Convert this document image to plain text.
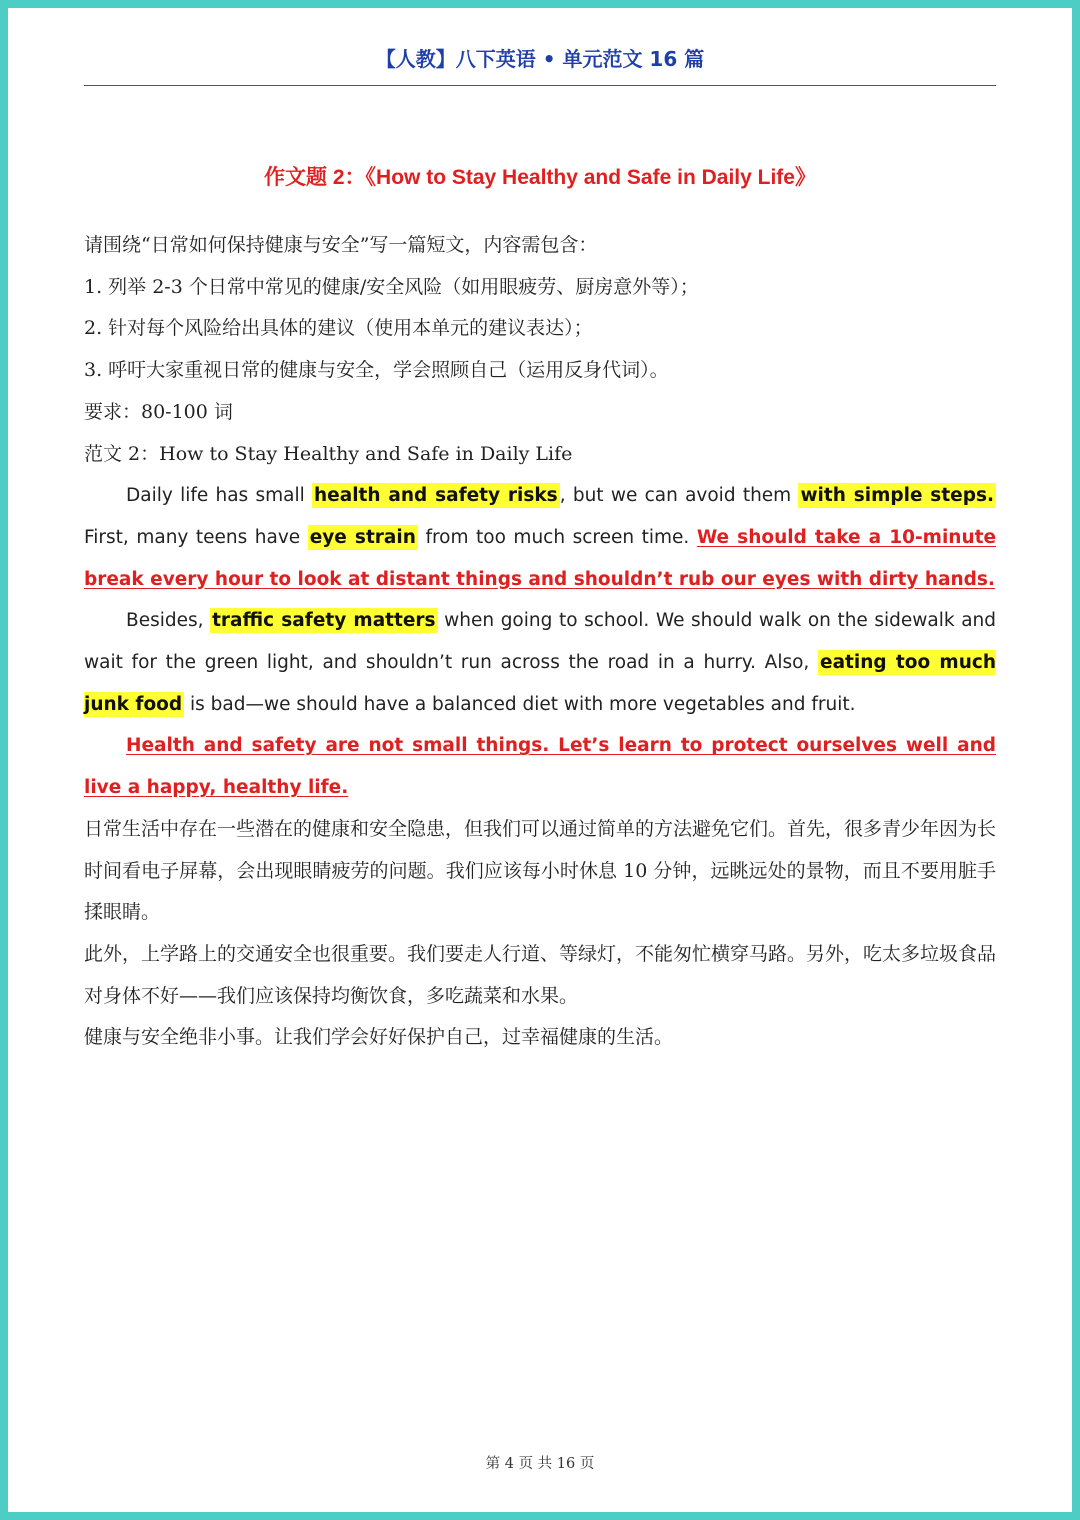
【人教】八下英语 • 单元范文 16 篇
作文题 2：《How to Stay Healthy and Safe in Daily Life》

请围绕“日常如何保持健康与安全”写一篇短文，内容需包含：

1. 列举 2-3 个日常中常见的健康/安全风险（如用眼疲劳、厨房意外等）；

2. 针对每个风险给出具体的建议（使用本单元的建议表达）；

3. 呼吁大家重视日常的健康与安全，学会照顾自己（运用反身代词）。

要求：80-100 词

范文 2：How to Stay Healthy and Safe in Daily Life

Daily life has small health and safety risks , but we can avoid them with simple steps. First, many teens have eye strain from too much screen time. We should take a 10-minute break every hour to look at distant things and shouldn’t rub our eyes with dirty hands.

Besides, traffic safety matters when going to school. We should walk on the sidewalk and wait for the green light, and shouldn’t run across the road in a hurry. Also, eating too much junk food is bad—we should have a balanced diet with more vegetables and fruit.

Health and safety are not small things. Let’s learn to protect ourselves well and live a happy, healthy life.

日常生活中存在一些潜在的健康和安全隐患，但我们可以通过简单的方法避免它们。首先，很多青少年因为长时间看电子屏幕，会出现眼睛疲劳的问题。我们应该每小时休息 10 分钟，远眺远处的景物，而且不要用脏手揉眼睛。

此外，上学路上的交通安全也很重要。我们要走人行道、等绿灯，不能匆忙横穿马路。另外，吃太多垃圾食品对身体不好——我们应该保持均衡饮食，多吃蔬菜和水果。

健康与安全绝非小事。让我们学会好好保护自己，过幸福健康的生活。

第 4 页 共 16 页
